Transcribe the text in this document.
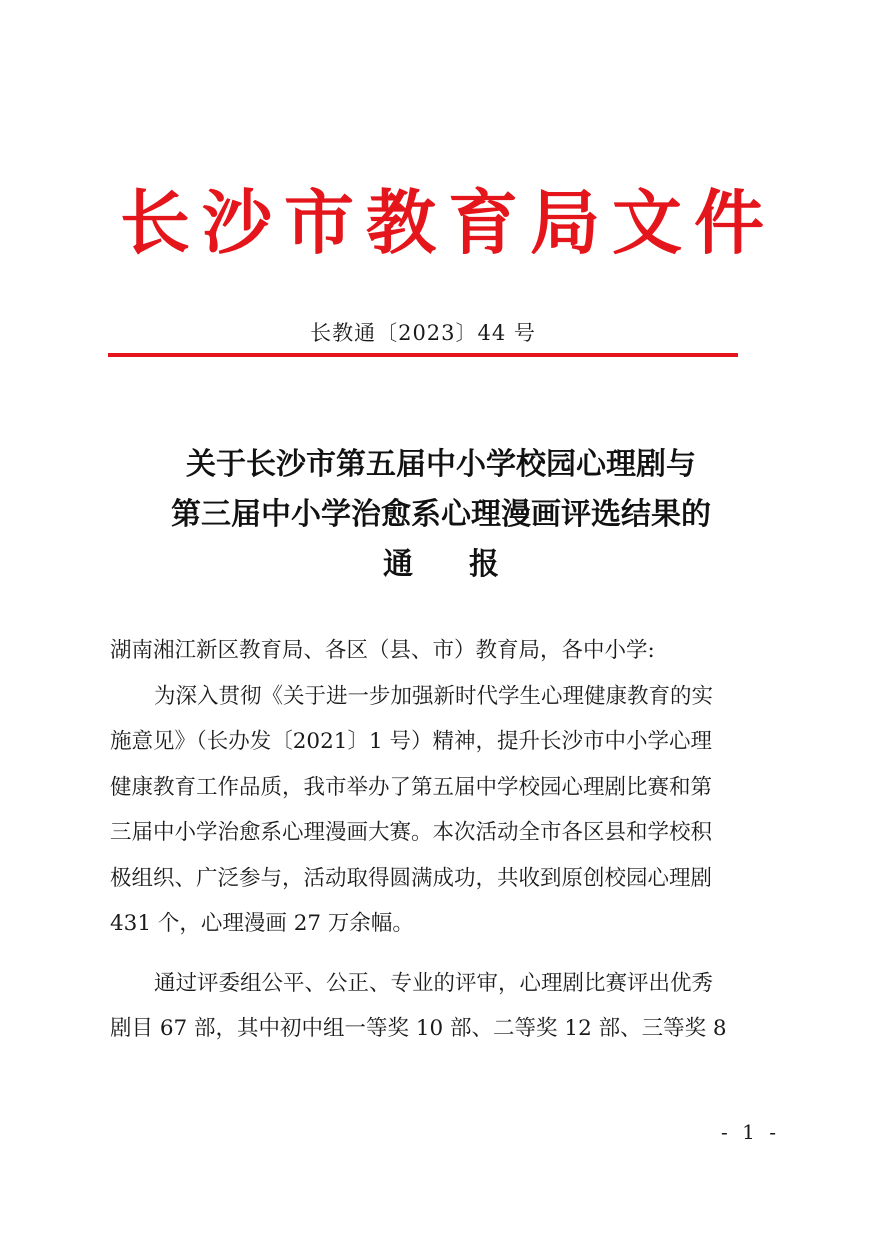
长沙市教育局文件
长教通〔2023〕44 号
关于长沙市第五届中小学校园心理剧与
第三届中小学治愈系心理漫画评选结果的
通报
湖南湘江新区教育局、各区（县、市）教育局，各中小学:
为深入贯彻《关于进一步加强新时代学生心理健康教育的实
施意见》（长办发〔2021〕1 号）精神，提升长沙市中小学心理
健康教育工作品质，我市举办了第五届中学校园心理剧比赛和第
三届中小学治愈系心理漫画大赛。本次活动全市各区县和学校积
极组织、广泛参与，活动取得圆满成功，共收到原创校园心理剧
431 个，心理漫画 27 万余幅。
通过评委组公平、公正、专业的评审，心理剧比赛评出优秀
剧目 67 部，其中初中组一等奖 10 部、二等奖 12 部、三等奖 8
- 1 -
